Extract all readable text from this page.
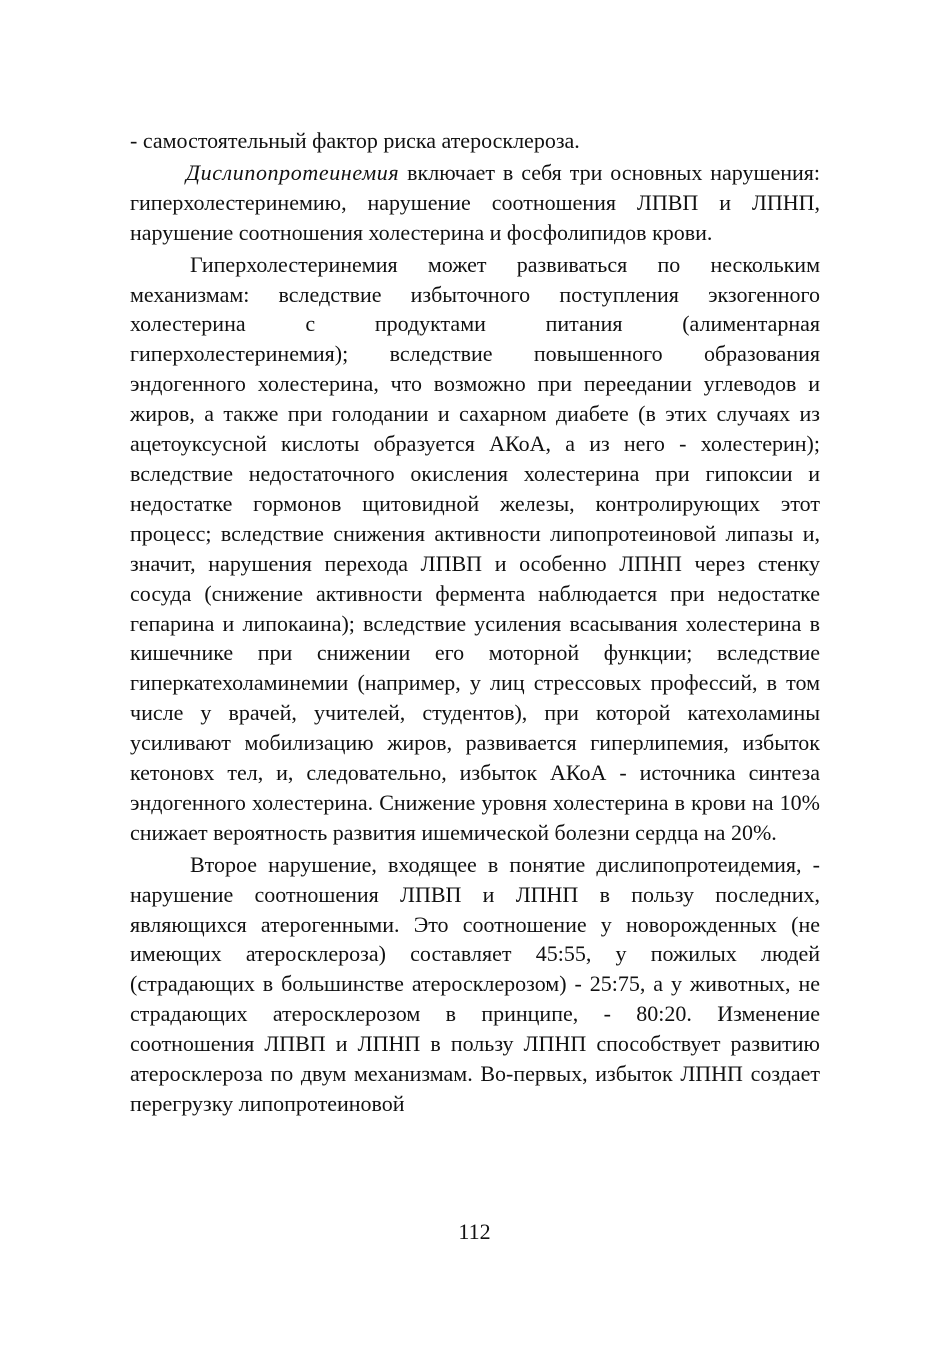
- самостоятельный фактор риска атеросклероза.

Дислипопротеинемия включает в себя три основных нарушения: гиперхолестеринемию, нарушение соотношения ЛПВП и ЛПНП, нарушение соотношения холестерина и фосфолипидов крови.

Гиперхолестеринемия может развиваться по нескольким механизмам: вследствие избыточного поступления экзогенного холестерина с продуктами питания (алиментарная гиперхолестеринемия); вследствие повышенного образования эндогенного холестерина, что возможно при переедании углеводов и жиров, а также при голодании и сахарном диабете (в этих случаях из ацетоуксусной кислоты образуется АКоА, а из него - холестерин); вследствие недостаточного окисления холестерина при гипоксии и недостатке гормонов щитовидной железы, контролирующих этот процесс; вследствие снижения активности липопротеиновой липазы и, значит, нарушения перехода ЛПВП и особенно ЛПНП через стенку сосуда (снижение активности фермента наблюдается при недостатке гепарина и липокаина); вследствие усиления всасывания холестерина в кишечнике при снижении его моторной функции; вследствие гиперкатехоламинемии (например, у лиц стрессовых профессий, в том числе у врачей, учителей, студентов), при которой катехоламины усиливают мобилизацию жиров, развивается гиперлипемия, избыток кетоновх тел, и, следовательно, избыток АКоА - источника синтеза эндогенного холестерина. Снижение уровня холестерина в крови на 10% снижает вероятность развития ишемической болезни сердца на 20%.

Второе нарушение, входящее в понятие дислипопротеидемия, - нарушение соотношения ЛПВП и ЛПНП в пользу последних, являющихся атерогенными. Это соотношение у новорожденных (не имеющих атеросклероза) составляет 45:55, у пожилых людей (страдающих в большинстве атеросклерозом) - 25:75, а у животных, не страдающих атеросклерозом в принципе, - 80:20. Изменение соотношения ЛПВП и ЛПНП в пользу ЛПНП способствует развитию атеросклероза по двум механизмам. Во-первых, избыток ЛПНП создает перегрузку липопротеиновой

112
